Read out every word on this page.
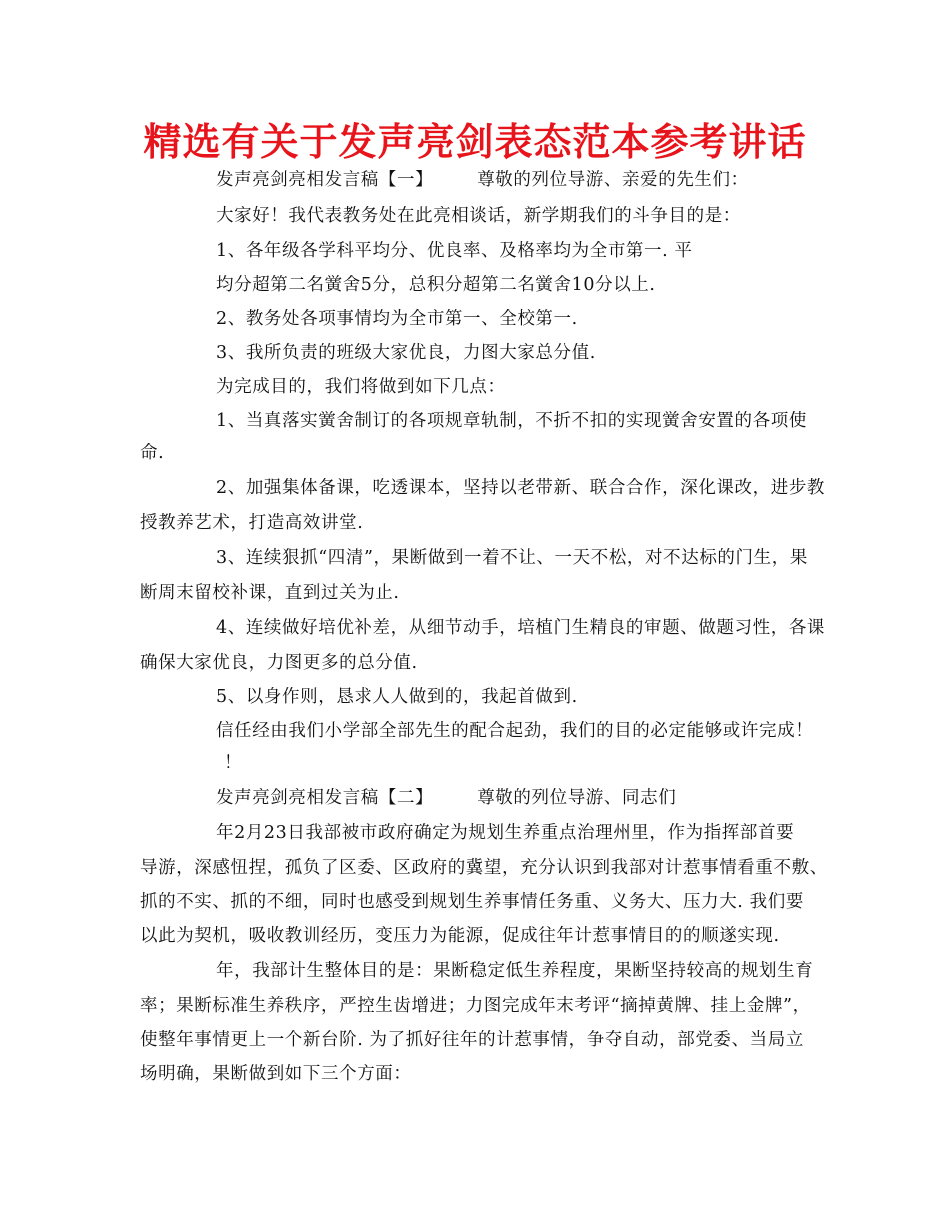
精选有关于发声亮剑表态范本参考讲话
发声亮剑亮相发言稿【一】	尊敬的列位导游、亲爱的先生们：
大家好！我代表教务处在此亮相谈话，新学期我们的斗争目的是：
1、各年级各学科平均分、优良率、及格率均为全市第一. 平
均分超第二名黉舍5分，总积分超第二名黉舍10分以上.
2、教务处各项事情均为全市第一、全校第一.
3、我所负责的班级大家优良，力图大家总分值.
为完成目的，我们将做到如下几点：
1、当真落实黉舍制订的各项规章轨制，不折不扣的实现黉舍安置的各项使
命.
2、加强集体备课，吃透课本，坚持以老带新、联合合作，深化课改，进步教
授教养艺术，打造高效讲堂.
3、连续狠抓“四清”，果断做到一着不让、一天不松，对不达标的门生，果
断周末留校补课，直到过关为止.
4、连续做好培优补差，从细节动手，培植门生精良的审题、做题习性，各课
确保大家优良，力图更多的总分值.
5、以身作则，恳求人人做到的，我起首做到.
信任经由我们小学部全部先生的配合起劲，我们的目的必定能够或许完成！
！
发声亮剑亮相发言稿【二】	尊敬的列位导游、同志们
年2月23日我部被市政府确定为规划生养重点治理州里，作为指挥部首要
导游，深感忸捏，孤负了区委、区政府的冀望，充分认识到我部对计惹事情看重不敷、
抓的不实、抓的不细，同时也感受到规划生养事情任务重、义务大、压力大. 我们要
以此为契机，吸收教训经历，变压力为能源，促成往年计惹事情目的的顺遂实现.
年，我部计生整体目的是：果断稳定低生养程度，果断坚持较高的规划生育
率；果断标准生养秩序，严控生齿增进；力图完成年末考评“摘掉黄牌、挂上金牌”，
使整年事情更上一个新台阶. 为了抓好往年的计惹事情，争夺自动，部党委、当局立
场明确，果断做到如下三个方面：
